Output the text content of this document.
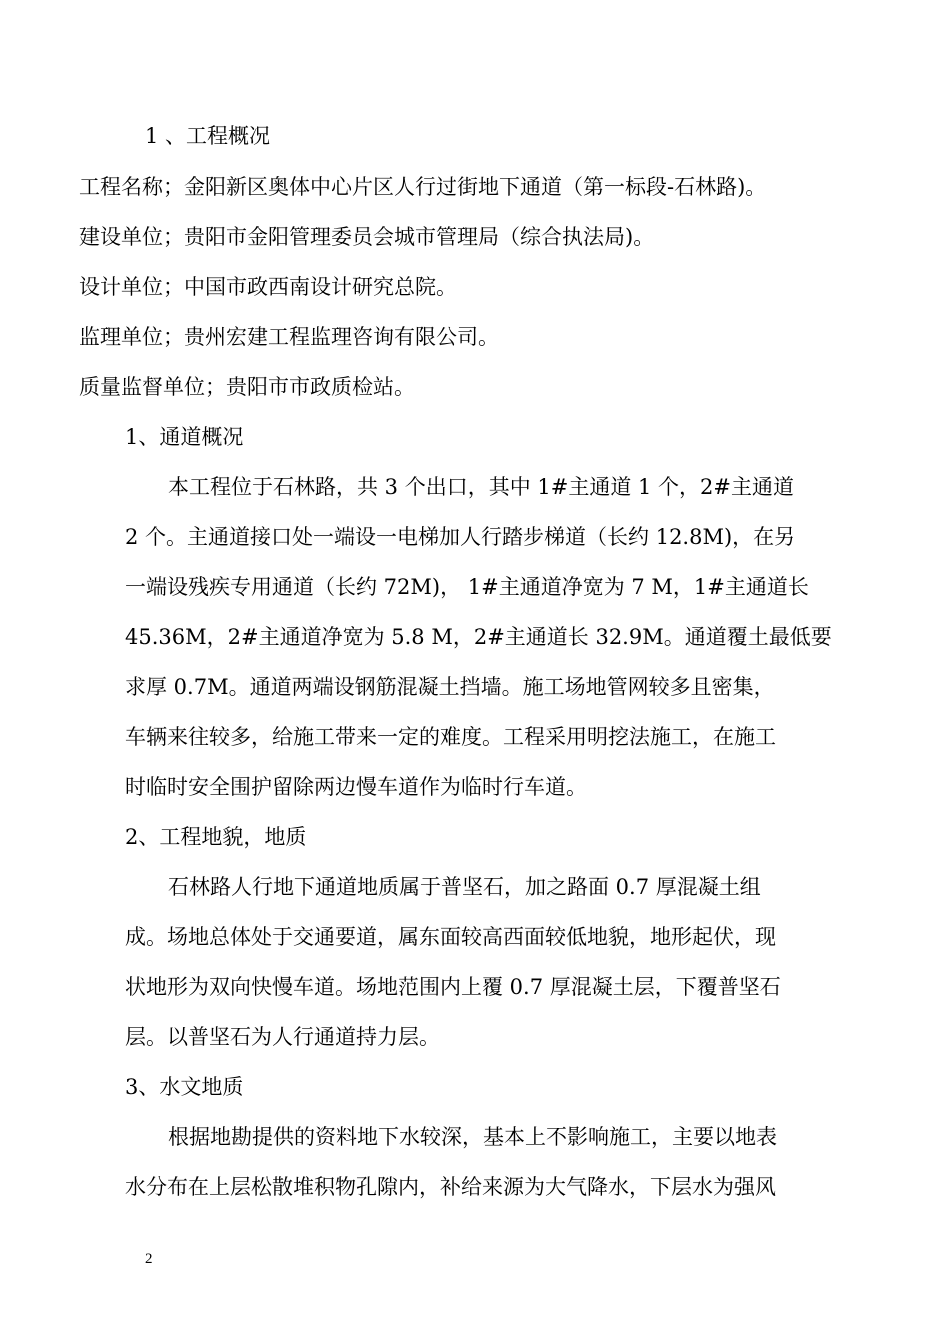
1 、工程概况

工程名称；金阳新区奥体中心片区人行过街地下通道（第一标段-石林路)。

建设单位；贵阳市金阳管理委员会城市管理局（综合执法局)。

设计单位；中国市政西南设计研究总院。

监理单位；贵州宏建工程监理咨询有限公司。

质量监督单位；贵阳市市政质检站。

1、通道概况

本工程位于石林路，共 3 个出口，其中 1#主通道 1 个，2#主通道

2 个。主通道接口处一端设一电梯加人行踏步梯道（长约 12.8M)，在另

一端设残疾专用通道（长约 72M)， 1#主通道净宽为 7 M，1#主通道长

45.36M，2#主通道净宽为 5.8 M，2#主通道长 32.9M。通道覆土最低要

求厚 0.7M。通道两端设钢筋混凝土挡墙。施工场地管网较多且密集，

车辆来往较多，给施工带来一定的难度。工程采用明挖法施工，在施工

时临时安全围护留除两边慢车道作为临时行车道。

2、工程地貌，地质

石林路人行地下通道地质属于普坚石，加之路面 0.7 厚混凝土组

成。场地总体处于交通要道，属东面较高西面较低地貌，地形起伏，现

状地形为双向快慢车道。场地范围内上覆 0.7 厚混凝土层，下覆普坚石

层。以普坚石为人行通道持力层。

3、水文地质

根据地勘提供的资料地下水较深，基本上不影响施工，主要以地表

水分布在上层松散堆积物孔隙内，补给来源为大气降水，下层水为强风

2
